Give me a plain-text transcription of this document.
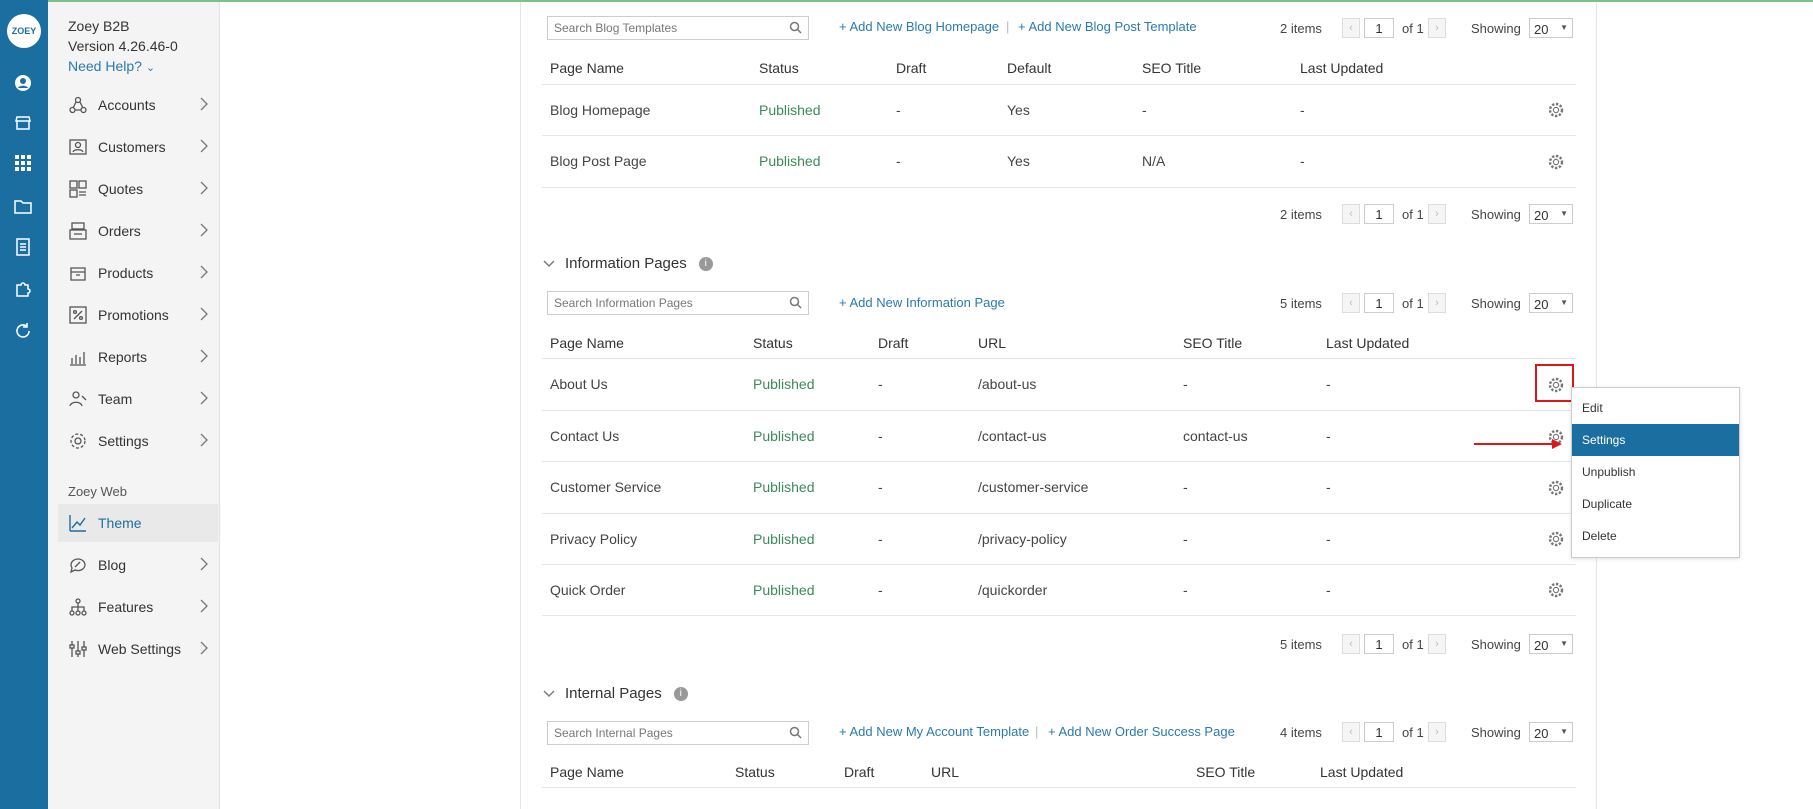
ZOEY	Zoey B2B
Version 4.26.46-0
Need Help? ⌄
Accounts
Customers
Quotes
Orders
Products
Promotions
Reports
Team
Settings
Zoey Web
Theme
Blog
Features
Web Settings
Search Blog Templates	+ Add New Blog Homepage | + Add New Blog Post Template	2 items	‹	1	of 1	›	Showing 20 ▼
Page Name	Status	Draft	Default	SEO Title	Last Updated
Blog Homepage	Published	-	Yes	-	-
Blog Post Page	Published	-	Yes	N/A	-
2 items	‹	1	of 1	›	Showing 20 ▼
Information Pages	i
Search Information Pages	+ Add New Information Page	5 items	‹	1	of 1	›	Showing 20 ▼
Page Name	Status	Draft	URL	SEO Title	Last Updated
About Us	Published	-	/about-us	-	-
Contact Us	Published	-	/contact-us	contact-us	-
Customer Service	Published	-	/customer-service	-	-
Privacy Policy	Published	-	/privacy-policy	-	-
Quick Order	Published	-	/quickorder	-	-
5 items	‹	1	of 1	›	Showing 20 ▼
Internal Pages	i
Search Internal Pages	+ Add New My Account Template | + Add New Order Success Page	4 items	‹	1	of 1	›	Showing 20 ▼
Page Name	Status	Draft	URL	SEO Title	Last Updated
Edit
Settings
Unpublish
Duplicate
Delete
